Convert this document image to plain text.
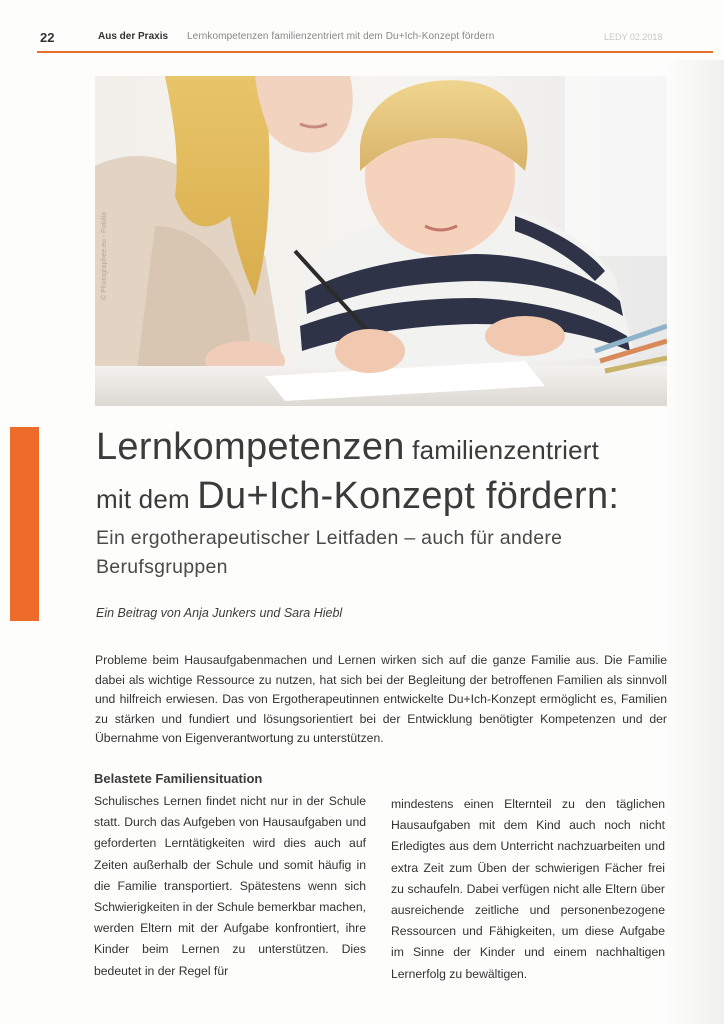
22	Aus der Praxis Lernkompetenzen familienzentriert mit dem Du+Ich-Konzept fördern	LEDY 02.2018
© Photographee.eu - Fotolia
Lernkompetenzen familienzentriert
mit dem Du+Ich-Konzept fördern:
Ein ergotherapeutischer Leitfaden – auch für andere Berufsgruppen
Ein Beitrag von Anja Junkers und Sara Hiebl

Probleme beim Hausaufgabenmachen und Lernen wirken sich auf die ganze Familie aus. Die Familie dabei als wichtige Ressource zu nutzen, hat sich bei der Begleitung der betroffenen Familien als sinnvoll und hilfreich erwiesen. Das von Ergotherapeutinnen entwickelte Du+Ich-Konzept ermöglicht es, Familien zu stärken und fundiert und lösungsorientiert bei der Entwicklung benötigter Kompetenzen und der Übernahme von Eigenverantwortung zu unterstützen.

Belastete Familiensituation

Schulisches Lernen findet nicht nur in der Schule statt. Durch das Aufgeben von Hausaufgaben und geforderten Lerntätigkeiten wird dies auch auf Zeiten außerhalb der Schule und somit häufig in die Familie transportiert. Spätestens wenn sich Schwierigkeiten in der Schule bemerkbar machen, werden Eltern mit der Aufgabe konfrontiert, ihre Kinder beim Lernen zu unterstützen. Dies bedeutet in der Regel für

mindestens einen Elternteil zu den täglichen Hausaufgaben mit dem Kind auch noch nicht Erledigtes aus dem Unterricht nachzuarbeiten und extra Zeit zum Üben der schwierigen Fächer frei zu schaufeln. Dabei verfügen nicht alle Eltern über ausreichende zeitliche und personenbezogene Ressourcen und Fähigkeiten, um diese Aufgabe im Sinne der Kinder und einem nachhaltigen Lernerfolg zu bewältigen.
